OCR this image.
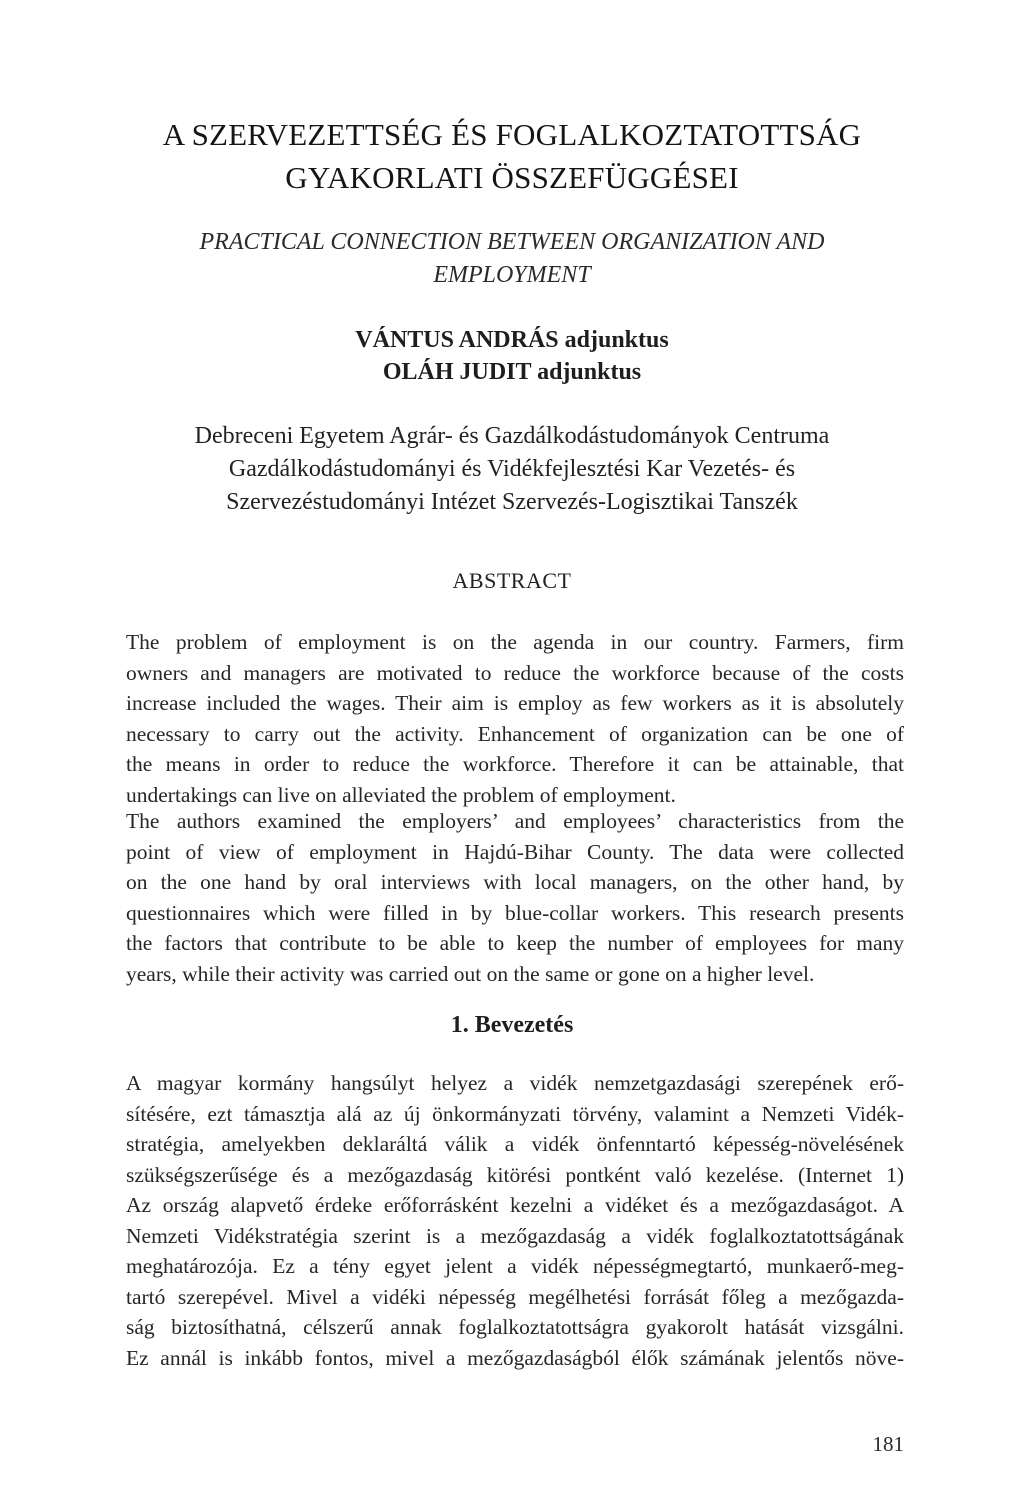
A SZERVEZETTSÉG ÉS FOGLALKOZTATOTTSÁG
GYAKORLATI ÖSSZEFÜGGÉSEI
PRACTICAL CONNECTION BETWEEN ORGANIZATION AND
EMPLOYMENT
VÁNTUS ANDRÁS adjunktus
OLÁH JUDIT adjunktus
Debreceni Egyetem Agrár- és Gazdálkodástudományok Centruma
Gazdálkodástudományi és Vidékfejlesztési Kar Vezetés- és
Szervezéstudományi Intézet Szervezés-Logisztikai Tanszék
ABSTRACT
The problem of employment is on the agenda in our country. Farmers, firm
owners and managers are motivated to reduce the workforce because of the costs
increase included the wages. Their aim is employ as few workers as it is absolutely
necessary to carry out the activity. Enhancement of organization can be one of
the means in order to reduce the workforce. Therefore it can be attainable, that
undertakings can live on alleviated the problem of employment.
The authors examined the employers’ and employees’ characteristics from the
point of view of employment in Hajdú-Bihar County. The data were collected
on the one hand by oral interviews with local managers, on the other hand, by
questionnaires which were filled in by blue-collar workers. This research presents
the factors that contribute to be able to keep the number of employees for many
years, while their activity was carried out on the same or gone on a higher level.
1. Bevezetés
A magyar kormány hangsúlyt helyez a vidék nemzetgazdasági szerepének erő-
sítésére, ezt támasztja alá az új önkormányzati törvény, valamint a Nemzeti Vidék-
stratégia, amelyekben deklaráltá válik a vidék önfenntartó képesség-növelésének
szükségszerűsége és a mezőgazdaság kitörési pontként való kezelése. (Internet 1)
Az ország alapvető érdeke erőforrásként kezelni a vidéket és a mezőgazdaságot. A
Nemzeti Vidékstratégia szerint is a mezőgazdaság a vidék foglalkoztatottságának
meghatározója. Ez a tény egyet jelent a vidék népességmegtartó, munkaerő-meg-
tartó szerepével. Mivel a vidéki népesség megélhetési forrását főleg a mezőgazda-
ság biztosíthatná, célszerű annak foglalkoztatottságra gyakorolt hatását vizsgálni.
Ez annál is inkább fontos, mivel a mezőgazdaságból élők számának jelentős növe-
181
